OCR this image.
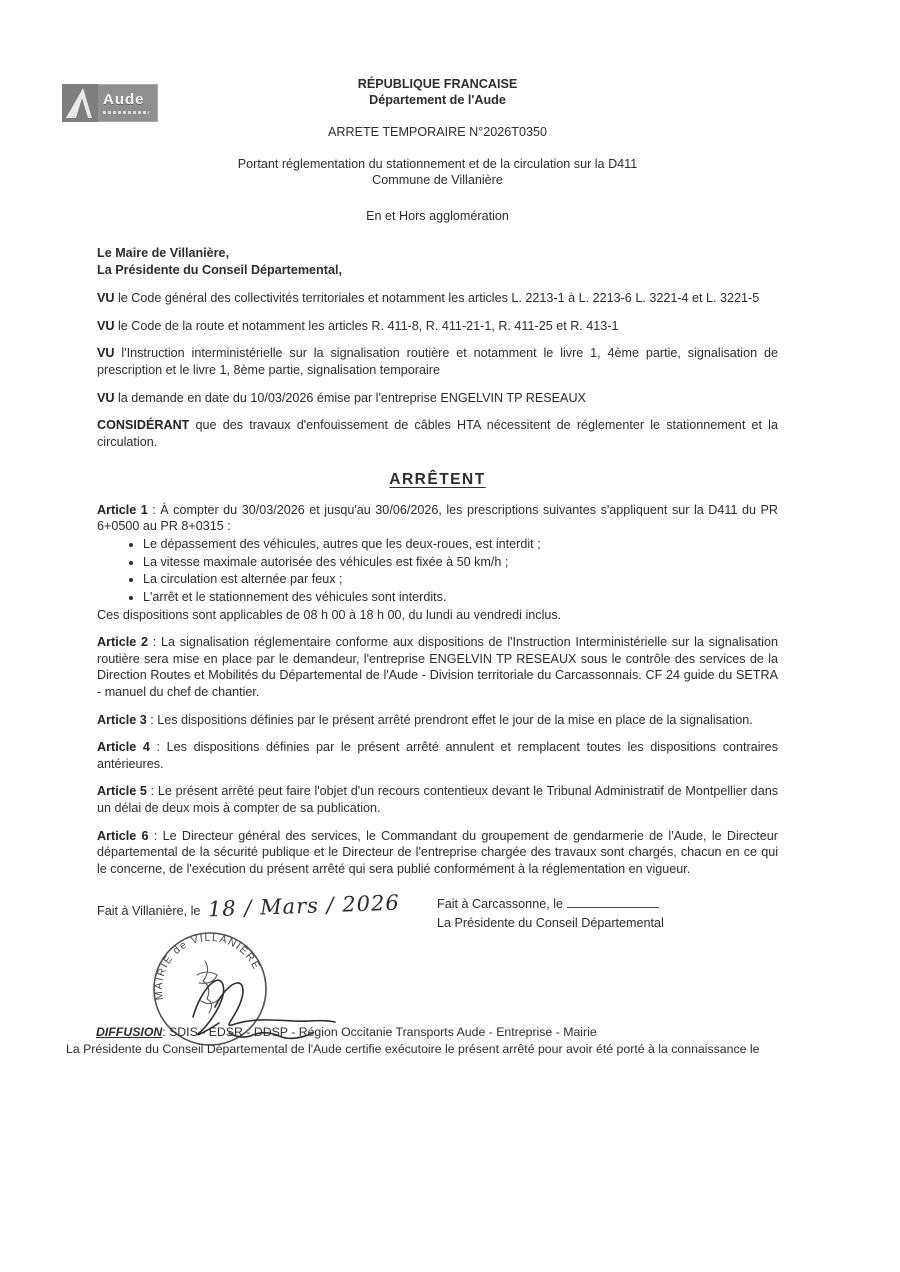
Aude
RÉPUBLIQUE FRANCAISE
Département de l'Aude
ARRETE TEMPORAIRE N°2026T0350
Portant réglementation du stationnement et de la circulation sur la D411
Commune de Villanière
En et Hors agglomération
Le Maire de Villanière,
La Présidente du Conseil Départemental,

VU le Code général des collectivités territoriales et notamment les articles L. 2213-1 à L. 2213-6 L. 3221-4 et L. 3221-5

VU le Code de la route et notamment les articles R. 411-8, R. 411-21-1, R. 411-25 et R. 413-1

VU l'Instruction interministérielle sur la signalisation routière et notamment le livre 1, 4ème partie, signalisation de prescription et le livre 1, 8ème partie, signalisation temporaire

VU la demande en date du 10/03/2026 émise par l'entreprise ENGELVIN TP RESEAUX

CONSIDÉRANT que des travaux d'enfouissement de câbles HTA nécessitent de réglementer le stationnement et la circulation.

ARRÊTENT

Article 1 : À compter du 30/03/2026 et jusqu'au 30/06/2026, les prescriptions suivantes s'appliquent sur la D411 du PR 6+0500 au PR 8+0315 :

• Le dépassement des véhicules, autres que les deux-roues, est interdit ;
• La vitesse maximale autorisée des véhicules est fixée à 50 km/h ;
• La circulation est alternée par feux ;
• L'arrêt et le stationnement des véhicules sont interdits.
Ces dispositions sont applicables de 08 h 00 à 18 h 00, du lundi au vendredi inclus.

Article 2 : La signalisation réglementaire conforme aux dispositions de l'Instruction Interministérielle sur la signalisation routière sera mise en place par le demandeur, l'entreprise ENGELVIN TP RESEAUX sous le contrôle des services de la Direction Routes et Mobilités du Départemental de l'Aude - Division territoriale du Carcassonnais. CF 24 guide du SETRA - manuel du chef de chantier.

Article 3 : Les dispositions définies par le présent arrêté prendront effet le jour de la mise en place de la signalisation.

Article 4 : Les dispositions définies par le présent arrêté annulent et remplacent toutes les dispositions contraires antérieures.

Article 5 : Le présent arrêté peut faire l'objet d'un recours contentieux devant le Tribunal Administratif de Montpellier dans un délai de deux mois à compter de sa publication.

Article 6 : Le Directeur général des services, le Commandant du groupement de gendarmerie de l'Aude, le Directeur départemental de la sécurité publique et le Directeur de l'entreprise chargée des travaux sont chargés, chacun en ce qui le concerne, de l'exécution du présent arrêté qui sera publié conformément à la réglementation en vigueur.

Fait à Villanière, le 18 / Mars / 2026
MAIRIE de VILLANIÈRE
Fait à Carcassonne, le
La Présidente du Conseil Départemental
DIFFUSION: SDIS - EDSR - DDSP - Région Occitanie Transports Aude - Entreprise - Mairie
La Présidente du Conseil Départemental de l'Aude certifie exécutoire le présent arrêté pour avoir été porté à la connaissance le
